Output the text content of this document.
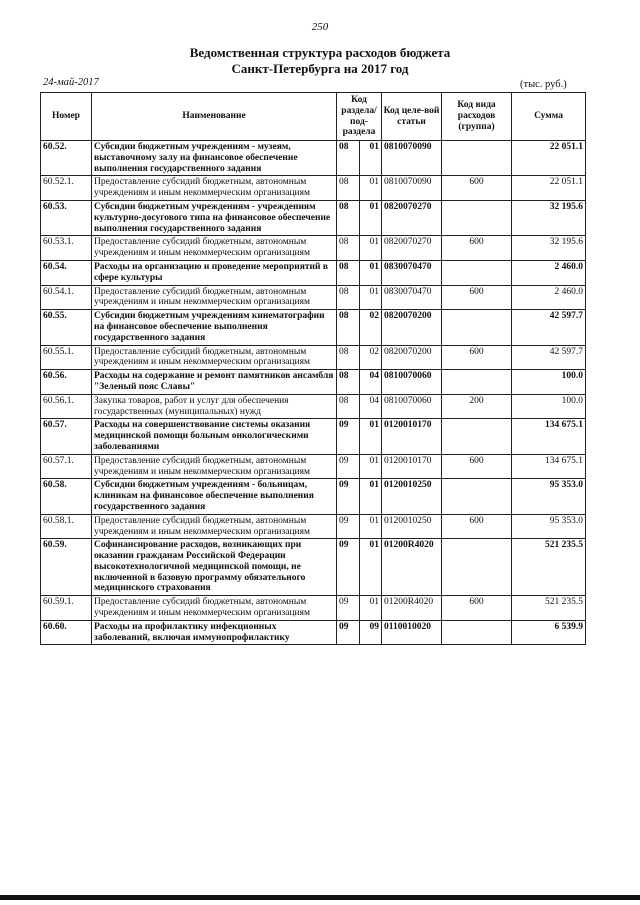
250
Ведомственная структура расходов бюджета
Санкт-Петербурга на 2017 год
24-май-2017	(тыс. руб.)
Номер	Наименование	Код раздела/ под-раздела		Код целе-вой статьи	Код вида расходов (группа)	Сумма
60.52.	Субсидии бюджетным учреждениям - музеям, выставочному залу на финансовое обеспечение выполнения государственного задания	08	01	0810070090		22 051.1
60.52.1.	Предоставление субсидий бюджетным, автономным учреждениям и иным некоммерческим организациям	08	01	0810070090	600	22 051.1
60.53.	Субсидии бюджетным учреждениям - учреждениям культурно-досугового типа на финансовое обеспечение выполнения государственного задания	08	01	0820070270		32 195.6
60.53.1.	Предоставление субсидий бюджетным, автономным учреждениям и иным некоммерческим организациям	08	01	0820070270	600	32 195.6
60.54.	Расходы на организацию и проведение мероприятий в сфере культуры	08	01	0830070470		2 460.0
60.54.1.	Предоставление субсидий бюджетным, автономным учреждениям и иным некоммерческим организациям	08	01	0830070470	600	2 460.0
60.55.	Субсидии бюджетным учреждениям кинематографии на финансовое обеспечение выполнения государственного задания	08	02	0820070200		42 597.7
60.55.1.	Предоставление субсидий бюджетным, автономным учреждениям и иным некоммерческим организациям	08	02	0820070200	600	42 597.7
60.56.	Расходы на содержание и ремонт памятников ансамбля "Зеленый пояс Славы"	08	04	0810070060		100.0
60.56.1.	Закупка товаров, работ и услуг для обеспечения государственных (муниципальных) нужд	08	04	0810070060	200	100.0
60.57.	Расходы на совершенствование системы оказания медицинской помощи больным онкологическими заболеваниями	09	01	0120010170		134 675.1
60.57.1.	Предоставление субсидий бюджетным, автономным учреждениям и иным некоммерческим организациям	09	01	0120010170	600	134 675.1
60.58.	Субсидии бюджетным учреждениям - больницам, клиникам на финансовое обеспечение выполнения государственного задания	09	01	0120010250		95 353.0
60.58.1.	Предоставление субсидий бюджетным, автономным учреждениям и иным некоммерческим организациям	09	01	0120010250	600	95 353.0
60.59.	Софинансирование расходов, возникающих при оказании гражданам Российской Федерации высокотехнологичной медицинской помощи, не включенной в базовую программу обязательного медицинского страхования	09	01	01200R4020		521 235.5
60.59.1.	Предоставление субсидий бюджетным, автономным учреждениям и иным некоммерческим организациям	09	01	01200R4020	600	521 235.5
60.60.	Расходы на профилактику инфекционных заболеваний, включая иммунопрофилактику	09	09	0110010020		6 539.9
